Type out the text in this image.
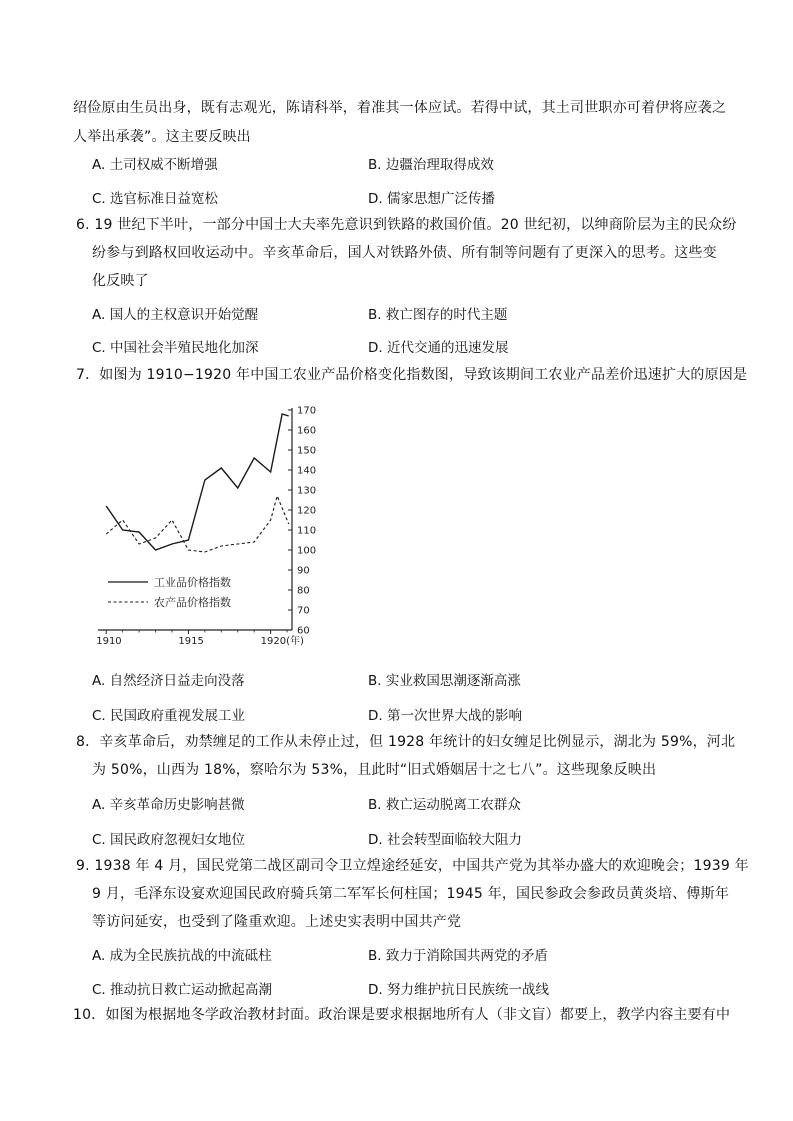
绍俭原由生员出身，既有志观光，陈请科举，着准其一体应试。若得中试，其土司世职亦可着伊将应袭之
人举出承袭”。这主要反映出
A. 土司权威不断增强	B. 边疆治理取得成效
C. 选官标准日益宽松	D. 儒家思想广泛传播
6. 19 世纪下半叶，一部分中国士大夫率先意识到铁路的救国价值。20 世纪初，以绅商阶层为主的民众纷
纷参与到路权回收运动中。辛亥革命后，国人对铁路外债、所有制等问题有了更深入的思考。这些变
化反映了
A. 国人的主权意识开始觉醒	B. 救亡图存的时代主题
C. 中国社会半殖民地化加深	D. 近代交通的迅速发展
7．如图为 1910−1920 年中国工农业产品价格变化指数图，导致该期间工农业产品差价迅速扩大的原因是
60
70
80
90
100
110
120
130
140
150
160
170
1910	1915	1920(年)
工业品价格指数
农产品价格指数
A. 自然经济日益走向没落	B. 实业救国思潮逐渐高涨
C. 民国政府重视发展工业	D. 第一次世界大战的影响
8．辛亥革命后，劝禁缠足的工作从未停止过，但 1928 年统计的妇女缠足比例显示，湖北为 59%，河北
为 50%，山西为 18%，察哈尔为 53%，且此时“旧式婚姻居十之七八”。这些现象反映出
A. 辛亥革命历史影响甚微	B. 救亡运动脱离工农群众
C. 国民政府忽视妇女地位	D. 社会转型面临较大阻力
9. 1938 年 4 月，国民党第二战区副司令卫立煌途经延安，中国共产党为其举办盛大的欢迎晚会；1939 年
9 月，毛泽东设宴欢迎国民政府骑兵第二军军长何柱国；1945 年，国民参政会参政员黄炎培、傅斯年
等访问延安，也受到了隆重欢迎。上述史实表明中国共产党
A. 成为全民族抗战的中流砥柱	B. 致力于消除国共两党的矛盾
C. 推动抗日救亡运动掀起高潮	D. 努力维护抗日民族统一战线
10．如图为根据地冬学政治教材封面。政治课是要求根据地所有人（非文盲）都要上，教学内容主要有中
